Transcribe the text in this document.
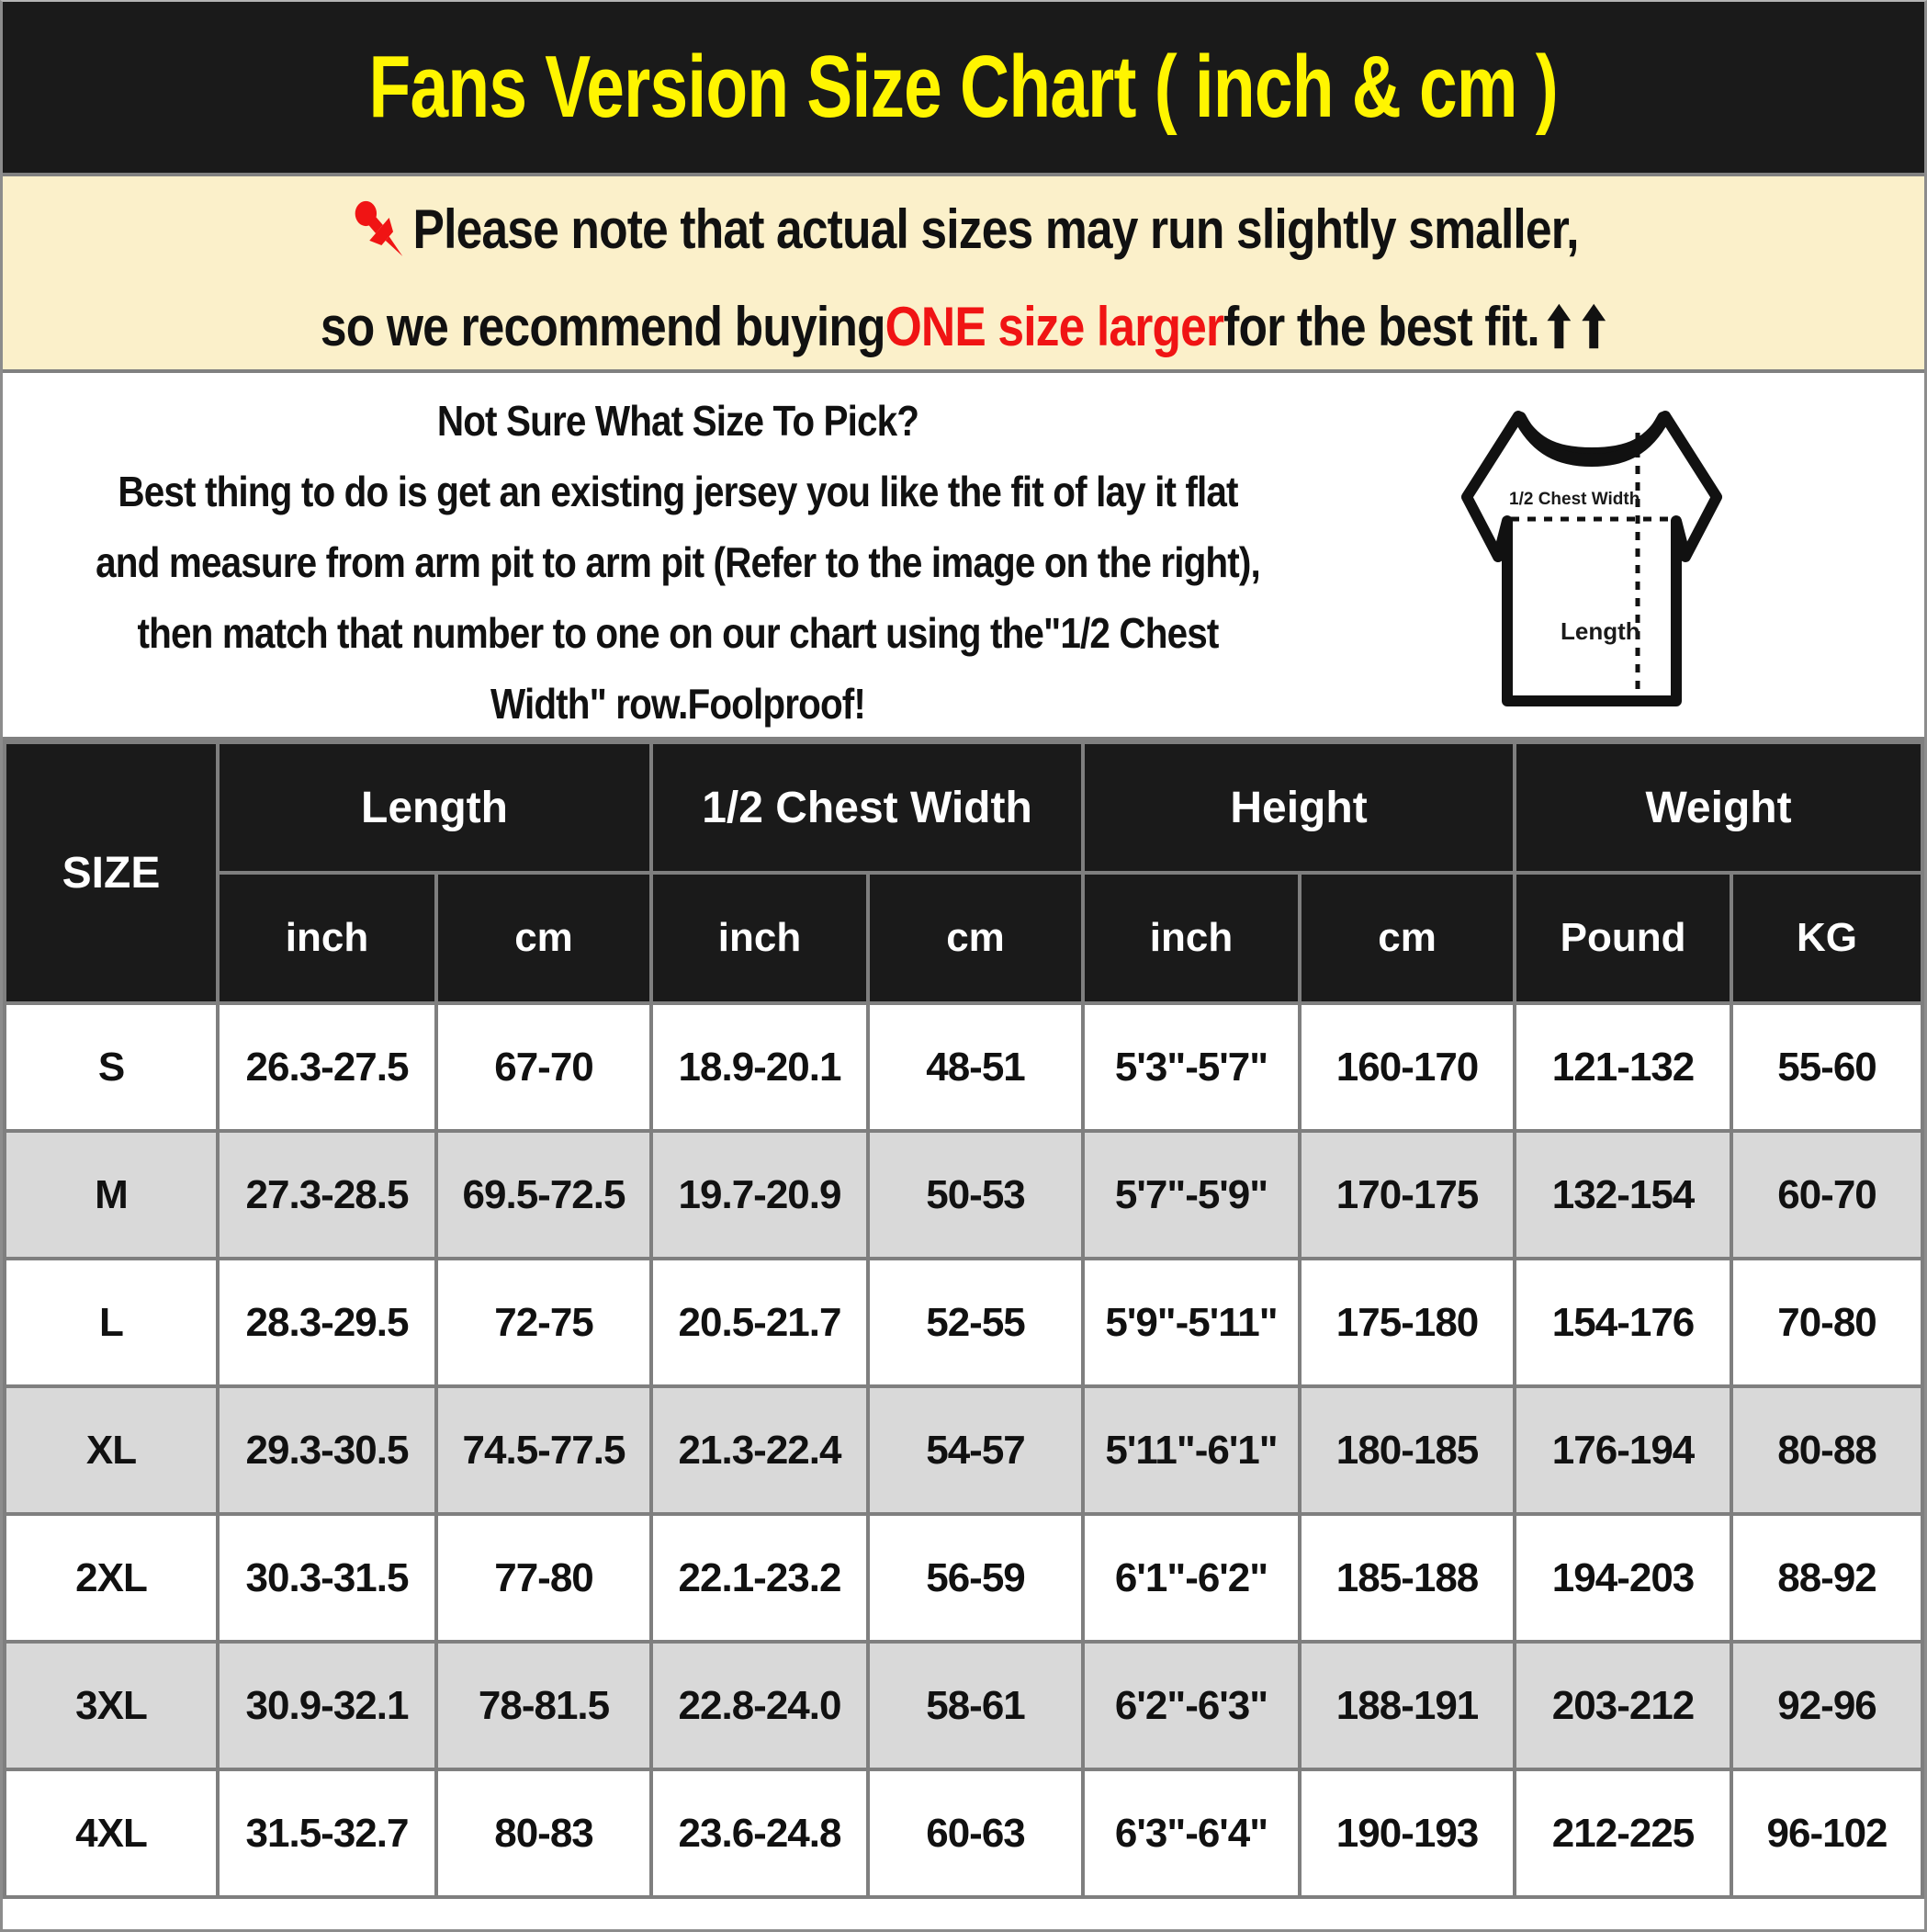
Fans Version Size Chart ( inch & cm )
Please note that actual sizes may run slightly smaller,
so we recommend buying ONE size larger for the best fit.

Not Sure What Size To Pick?

Best thing to do is get an existing jersey you like the fit of lay it flat

and measure from arm pit to arm pit (Refer to the image on the right),

then match that number to one on our chart using the"1/2 Chest

Width" row.Foolproof!

1/2 Chest Width
Length
SIZE	Length		1/2 Chest Width		Height		Weight	
	inch	cm	inch	cm	inch	cm	Pound	KG
S	26.3-27.5	67-70	18.9-20.1	48-51	5'3"-5'7"	160-170	121-132	55-60
M	27.3-28.5	69.5-72.5	19.7-20.9	50-53	5'7"-5'9"	170-175	132-154	60-70
L	28.3-29.5	72-75	20.5-21.7	52-55	5'9"-5'11"	175-180	154-176	70-80
XL	29.3-30.5	74.5-77.5	21.3-22.4	54-57	5'11"-6'1"	180-185	176-194	80-88
2XL	30.3-31.5	77-80	22.1-23.2	56-59	6'1"-6'2"	185-188	194-203	88-92
3XL	30.9-32.1	78-81.5	22.8-24.0	58-61	6'2"-6'3"	188-191	203-212	92-96
4XL	31.5-32.7	80-83	23.6-24.8	60-63	6'3"-6'4"	190-193	212-225	96-102
